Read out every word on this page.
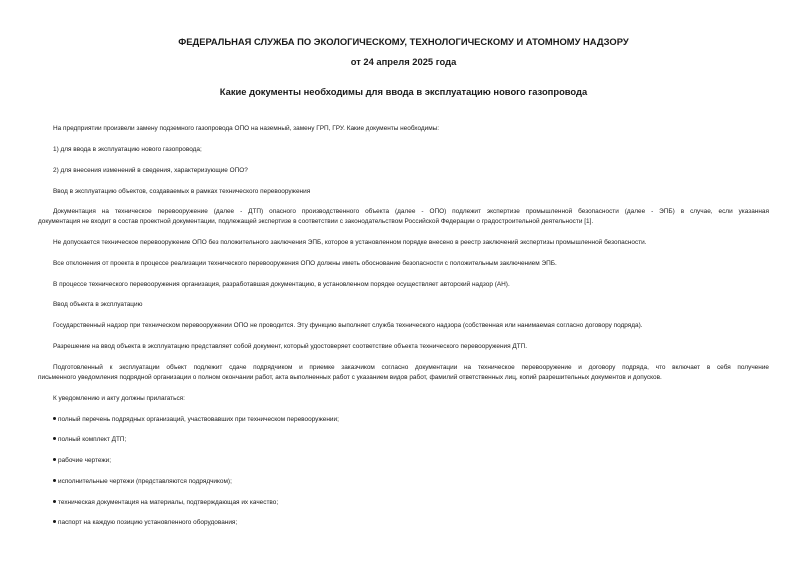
ФЕДЕРАЛЬНАЯ СЛУЖБА ПО ЭКОЛОГИЧЕСКОМУ, ТЕХНОЛОГИЧЕСКОМУ И АТОМНОМУ НАДЗОРУ
от 24 апреля 2025 года
Какие документы необходимы для ввода в эксплуатацию нового газопровода
На предприятии произвели замену подземного газопровода ОПО на наземный, замену ГРП, ГРУ. Какие документы необходимы:
1) для ввода в эксплуатацию нового газопровода;
2) для внесения изменений в сведения, характеризующие ОПО?
Ввод в эксплуатацию объектов, создаваемых в рамках технического перевооружения
Документация на техническое перевооружение (далее - ДТП) опасного производственного объекта (далее - ОПО) подлежит экспертизе промышленной безопасности (далее - ЭПБ) в случае, если указанная
документация не входит в состав проектной документации, подлежащей экспертизе в соответствии с законодательством Российской Федерации о градостроительной деятельности [1].
Не допускается техническое перевооружение ОПО без положительного заключения ЭПБ, которое в установленном порядке внесено в реестр заключений экспертизы промышленной безопасности.
Все отклонения от проекта в процессе реализации технического перевооружения ОПО должны иметь обоснование безопасности с положительным заключением ЭПБ.
В процессе технического перевооружения организация, разработавшая документацию, в установленном порядке осуществляет авторский надзор (АН).
Ввод объекта в эксплуатацию
Государственный надзор при техническом перевооружении ОПО не проводится. Эту функцию выполняет служба технического надзора (собственная или нанимаемая согласно договору подряда).
Разрешение на ввод объекта в эксплуатацию представляет собой документ, который удостоверяет соответствие объекта технического перевооружения ДТП.
Подготовленный к эксплуатации объект подлежит сдаче подрядчиком и приемке заказчиком согласно документации на техническое перевооружение и договору подряда, что включает в себя получение
письменного уведомления подрядной организации о полном окончании работ, акта выполненных работ с указанием видов работ, фамилий ответственных лиц, копий разрешительных документов и допусков.
К уведомлению и акту должны прилагаться:
полный перечень подрядных организаций, участвовавших при техническом перевооружении;
полный комплект ДТП;
рабочие чертежи;
исполнительные чертежи (представляются подрядчиком);
техническая документация на материалы, подтверждающая их качество;
паспорт на каждую позицию установленного оборудования;
